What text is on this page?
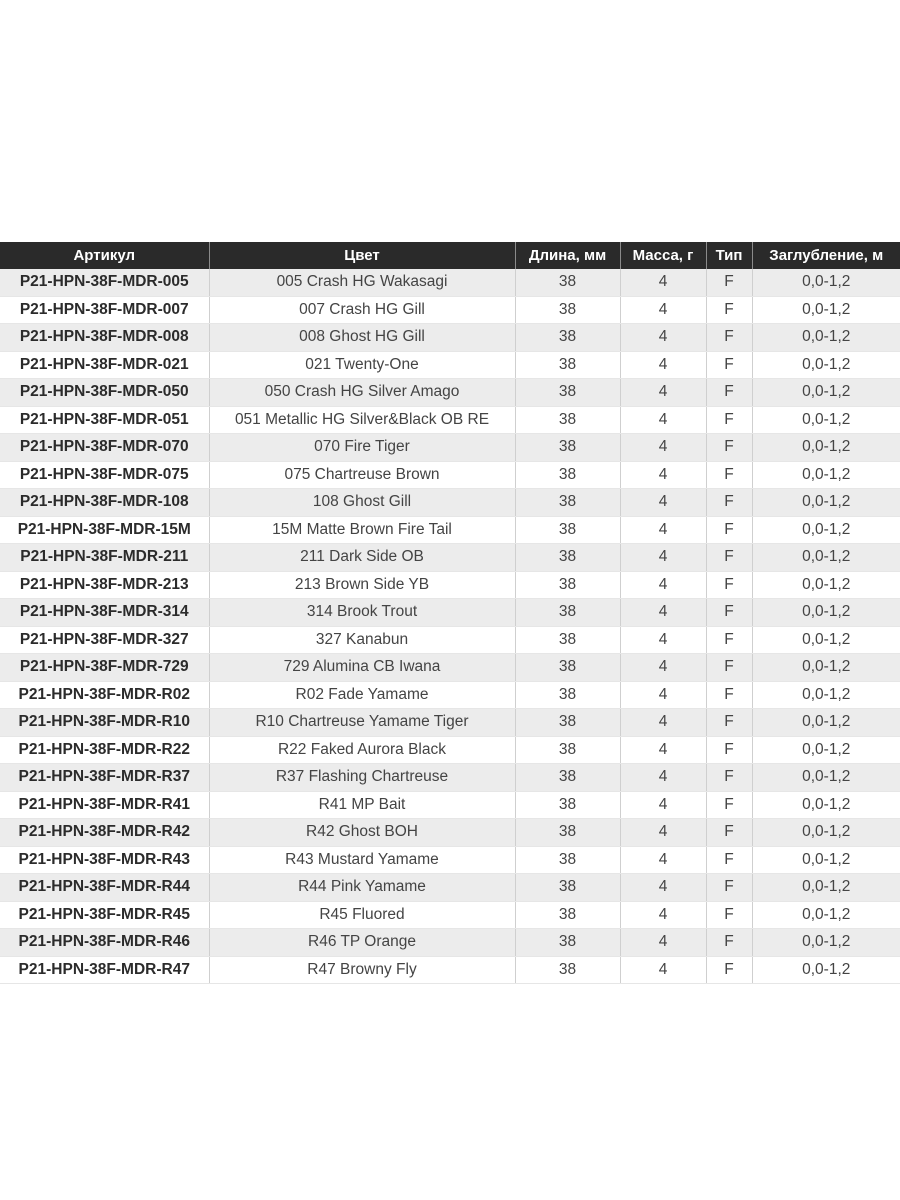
Артикул	Цвет	Длина, мм	Масса, г	Тип	Заглубление, м
P21-HPN-38F-MDR-005	005 Crash HG Wakasagi	38	4	F	0,0-1,2
P21-HPN-38F-MDR-007	007 Crash HG Gill	38	4	F	0,0-1,2
P21-HPN-38F-MDR-008	008 Ghost HG Gill	38	4	F	0,0-1,2
P21-HPN-38F-MDR-021	021 Twenty-One	38	4	F	0,0-1,2
P21-HPN-38F-MDR-050	050 Crash HG Silver Amago	38	4	F	0,0-1,2
P21-HPN-38F-MDR-051	051 Metallic HG Silver&Black OB RE	38	4	F	0,0-1,2
P21-HPN-38F-MDR-070	070 Fire Tiger	38	4	F	0,0-1,2
P21-HPN-38F-MDR-075	075 Chartreuse Brown	38	4	F	0,0-1,2
P21-HPN-38F-MDR-108	108 Ghost Gill	38	4	F	0,0-1,2
P21-HPN-38F-MDR-15M	15M Matte Brown Fire Tail	38	4	F	0,0-1,2
P21-HPN-38F-MDR-211	211 Dark Side OB	38	4	F	0,0-1,2
P21-HPN-38F-MDR-213	213 Brown Side YB	38	4	F	0,0-1,2
P21-HPN-38F-MDR-314	314 Brook Trout	38	4	F	0,0-1,2
P21-HPN-38F-MDR-327	327 Kanabun	38	4	F	0,0-1,2
P21-HPN-38F-MDR-729	729 Alumina CB Iwana	38	4	F	0,0-1,2
P21-HPN-38F-MDR-R02	R02 Fade Yamame	38	4	F	0,0-1,2
P21-HPN-38F-MDR-R10	R10 Chartreuse Yamame Tiger	38	4	F	0,0-1,2
P21-HPN-38F-MDR-R22	R22 Faked Aurora Black	38	4	F	0,0-1,2
P21-HPN-38F-MDR-R37	R37 Flashing Chartreuse	38	4	F	0,0-1,2
P21-HPN-38F-MDR-R41	R41 MP Bait	38	4	F	0,0-1,2
P21-HPN-38F-MDR-R42	R42 Ghost BOH	38	4	F	0,0-1,2
P21-HPN-38F-MDR-R43	R43 Mustard Yamame	38	4	F	0,0-1,2
P21-HPN-38F-MDR-R44	R44 Pink Yamame	38	4	F	0,0-1,2
P21-HPN-38F-MDR-R45	R45 Fluored	38	4	F	0,0-1,2
P21-HPN-38F-MDR-R46	R46 TP Orange	38	4	F	0,0-1,2
P21-HPN-38F-MDR-R47	R47 Browny Fly	38	4	F	0,0-1,2
